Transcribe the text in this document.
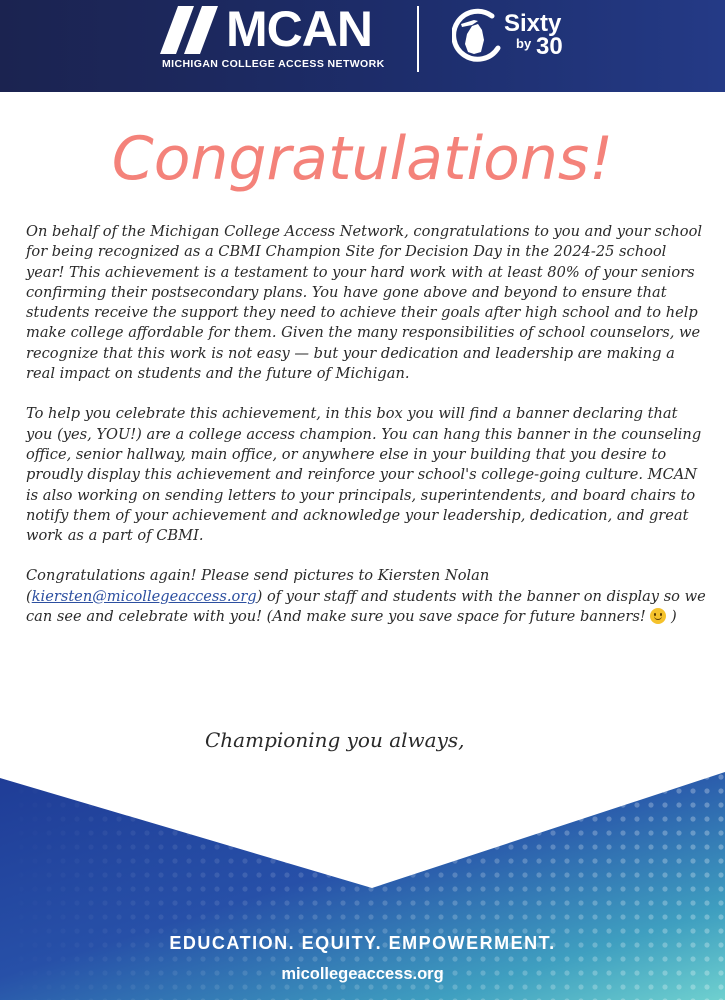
MCAN
MICHIGAN COLLEGE ACCESS NETWORK
Sixty
by 30
Congratulations!

On behalf of the Michigan College Access Network, congratulations to you and your school for being recognized as a CBMI Champion Site for Decision Day in the 2024-25 school year! This achievement is a testament to your hard work with at least 80% of your seniors confirming their postsecondary plans. You have gone above and beyond to ensure that students receive the support they need to achieve their goals after high school and to help make college affordable for them. Given the many responsibilities of school counselors, we recognize that this work is not easy — but your dedication and leadership are making a real impact on students and the future of Michigan.

To help you celebrate this achievement, in this box you will find a banner declaring that you (yes, YOU!) are a college access champion. You can hang this banner in the counseling office, senior hallway, main office, or anywhere else in your building that you desire to proudly display this achievement and reinforce your school's college-going culture. MCAN is also working on sending letters to your principals, superintendents, and board chairs to notify them of your achievement and acknowledge your leadership, dedication, and great work as a part of CBMI.

Congratulations again! Please send pictures to Kiersten Nolan (kiersten@micollegeaccess.org) of your staff and students with the banner on display so we can see and celebrate with you! (And make sure you save space for future banners!  )

Championing you always,
EDUCATION. EQUITY. EMPOWERMENT.
micollegeaccess.org
